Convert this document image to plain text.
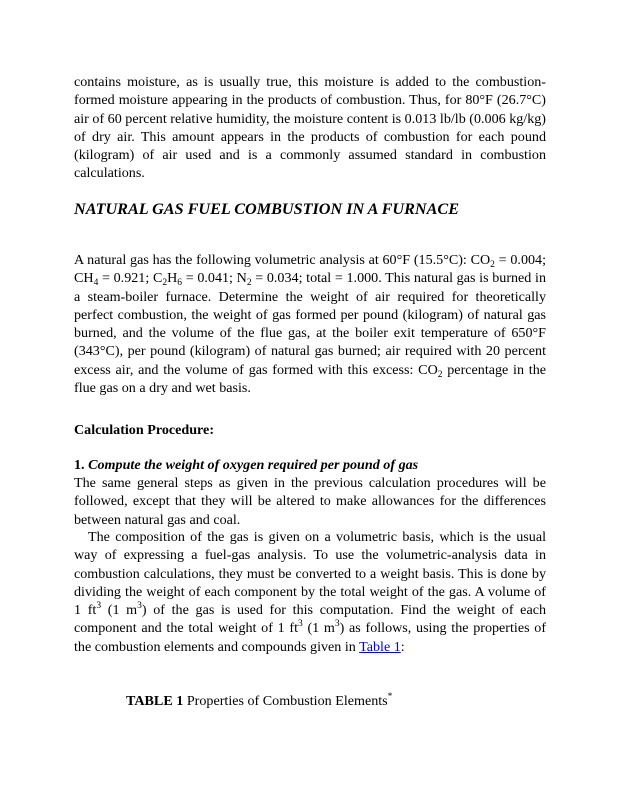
contains moisture, as is usually true, this moisture is added to the combustion-formed moisture appearing in the products of combustion. Thus, for 80°F (26.7°C) air of 60 percent relative humidity, the moisture content is 0.013 lb/lb (0.006 kg/kg) of dry air. This amount appears in the products of combustion for each pound (kilogram) of air used and is a commonly assumed standard in combustion calculations.

NATURAL GAS FUEL COMBUSTION IN A FURNACE

A natural gas has the following volumetric analysis at 60°F (15.5°C): $CO_2 = 0.004$; $CH_4 = 0.921$; $C_2H_6 = 0.041$; $N_2 = 0.034$; total = 1.000. This natural gas is burned in a steam-boiler furnace. Determine the weight of air required for theoretically perfect combustion, the weight of gas formed per pound (kilogram) of natural gas burned, and the volume of the flue gas, at the boiler exit temperature of 650°F (343°C), per pound (kilogram) of natural gas burned; air required with 20 percent excess air, and the volume of gas formed with this excess: $CO_2$ percentage in the flue gas on a dry and wet basis.

Calculation Procedure:

1. Compute the weight of oxygen required per pound of gas

The same general steps as given in the previous calculation procedures will be followed, except that they will be altered to make allowances for the differences between natural gas and coal.

The composition of the gas is given on a volumetric basis, which is the usual way of expressing a fuel-gas analysis. To use the volumetric-analysis data in combustion calculations, they must be converted to a weight basis. This is done by dividing the weight of each component by the total weight of the gas. A volume of 1 $ft^3$ (1 $m^3$) of the gas is used for this computation. Find the weight of each component and the total weight of 1 $ft^3$ (1 $m^3$) as follows, using the properties of the combustion elements and compounds given in Table 1:

TABLE 1 Properties of Combustion Elements*
